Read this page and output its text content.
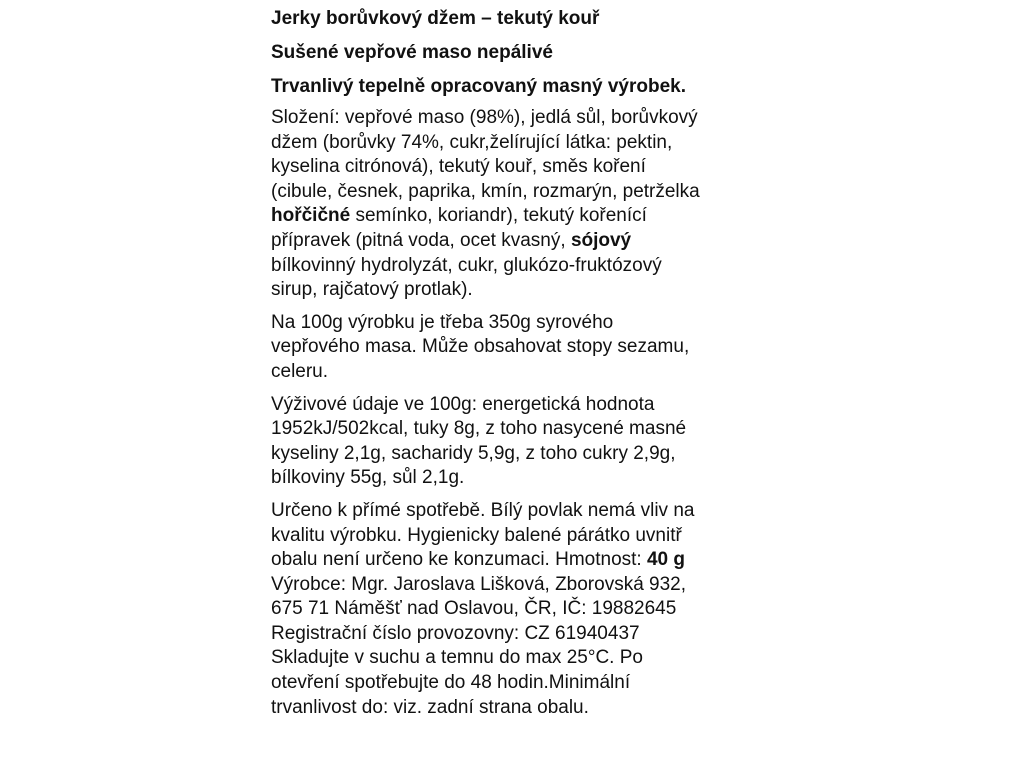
Jerky borůvkový džem – tekutý kouř
Sušené vepřové maso nepálivé
Trvanlivý tepelně opracovaný masný výrobek.
Složení: vepřové maso (98%), jedlá sůl, borůvkový
džem (borůvky 74%, cukr,želírující látka: pektin,
kyselina citrónová), tekutý kouř, směs koření
(cibule, česnek, paprika, kmín, rozmarýn, petrželka
hořčičné semínko, koriandr), tekutý kořenící
přípravek (pitná voda, ocet kvasný, sójový
bílkovinný hydrolyzát, cukr, glukózo-fruktózový
sirup, rajčatový protlak).
Na 100g výrobku je třeba 350g syrového
vepřového masa. Může obsahovat stopy sezamu,
celeru.
Výživové údaje ve 100g: energetická hodnota
1952kJ/502kcal, tuky 8g, z toho nasycené masné
kyseliny 2,1g, sacharidy 5,9g, z toho cukry 2,9g,
bílkoviny 55g, sůl 2,1g.
Určeno k přímé spotřebě. Bílý povlak nemá vliv na
kvalitu výrobku. Hygienicky balené párátko uvnitř
obalu není určeno ke konzumaci. Hmotnost: 40 g
Výrobce: Mgr. Jaroslava Lišková, Zborovská 932,
675 71 Náměšť nad Oslavou, ČR, IČ: 19882645
Registrační číslo provozovny: CZ 61940437
Skladujte v suchu a temnu do max 25°C. Po
otevření spotřebujte do 48 hodin.Minimální
trvanlivost do: viz. zadní strana obalu.
